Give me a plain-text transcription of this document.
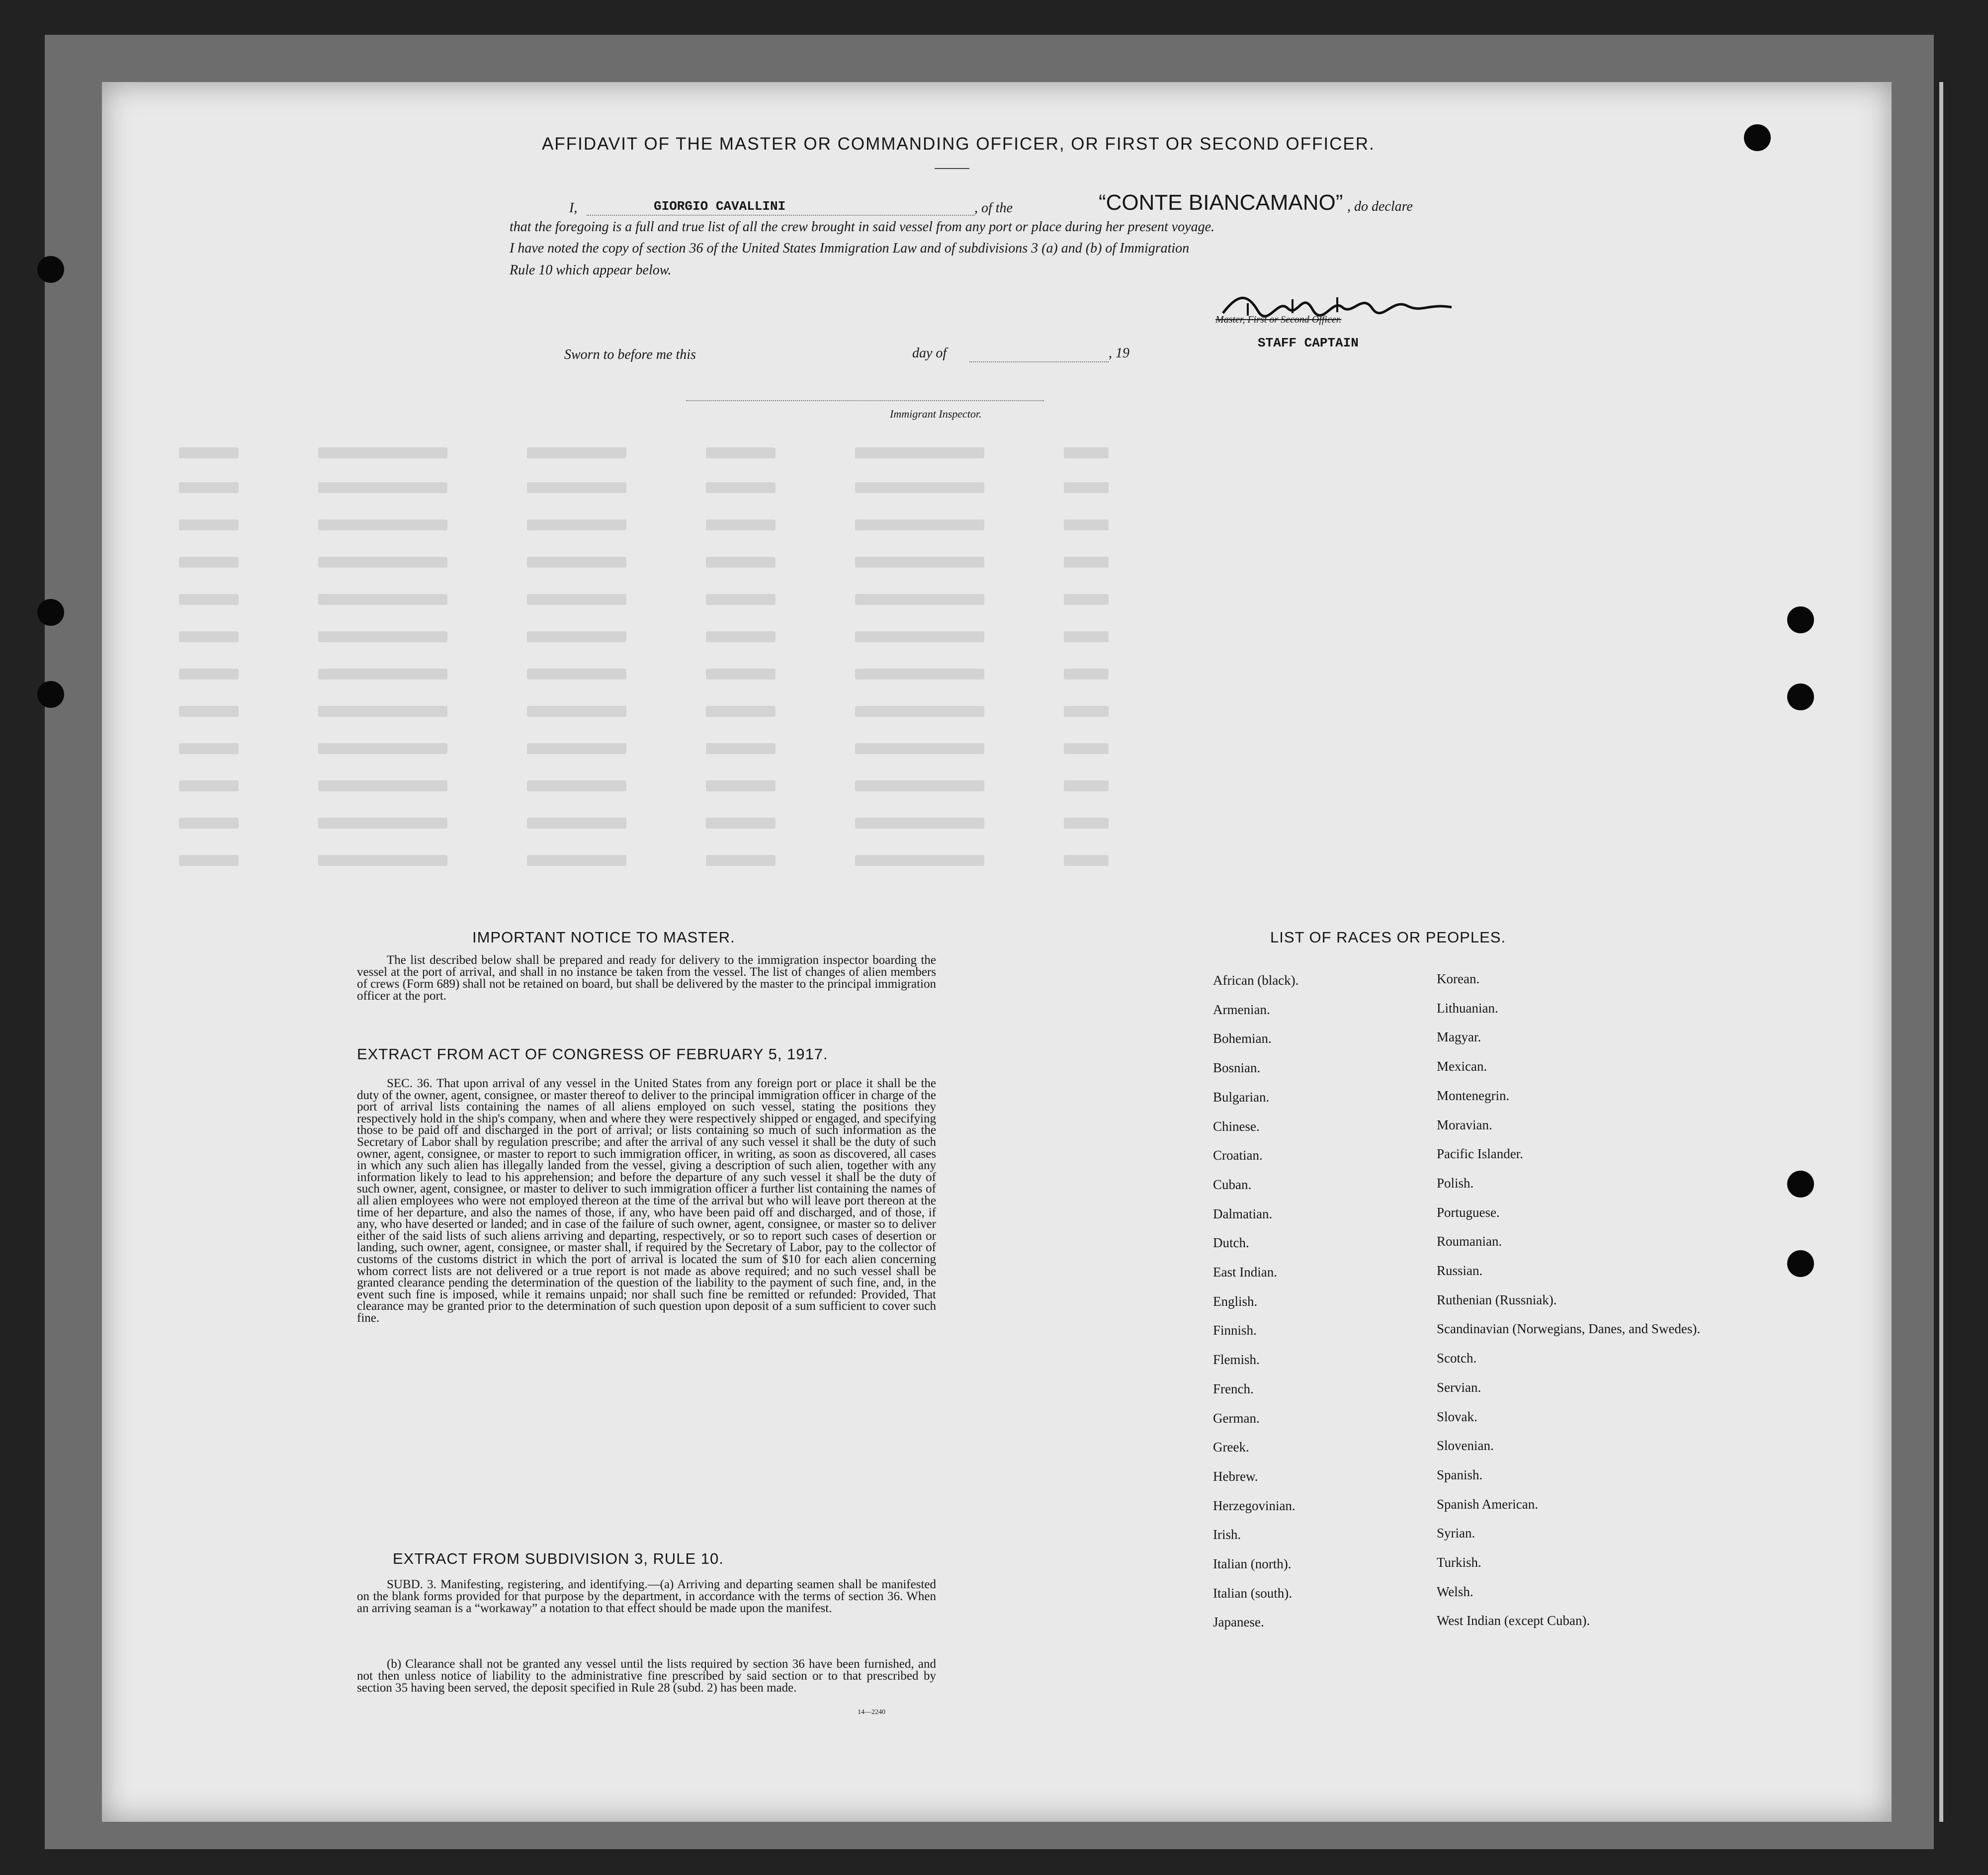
AFFIDAVIT OF THE MASTER OR COMMANDING OFFICER, OR FIRST OR SECOND OFFICER.
I,	GIORGIO CAVALLINI	, of the	“CONTE BIANCAMANO” , do declare
that the foregoing is a full and true list of all the crew brought in said vessel from any port or place during her present voyage.
I have noted the copy of section 36 of the United States Immigration Law and of subdivisions 3 (a) and (b) of Immigration
Rule 10 which appear below.
Master, First or Second Officer.
STAFF CAPTAIN
Sworn to before me this	day of	, 19
Immigrant Inspector.
IMPORTANT NOTICE TO MASTER.

The list described below shall be prepared and ready for delivery to the immigration inspector boarding the vessel at the port of arrival, and shall in no instance be taken from the vessel. The list of changes of alien members of crews (Form 689) shall not be retained on board, but shall be delivered by the master to the principal immigration officer at the port.

EXTRACT FROM ACT OF CONGRESS OF FEBRUARY 5, 1917.

SEC. 36. That upon arrival of any vessel in the United States from any foreign port or place it shall be the duty of the owner, agent, consignee, or master thereof to deliver to the principal immigration officer in charge of the port of arrival lists containing the names of all aliens employed on such vessel, stating the positions they respectively hold in the ship's company, when and where they were respectively shipped or engaged, and specifying those to be paid off and discharged in the port of arrival; or lists containing so much of such information as the Secretary of Labor shall by regulation prescribe; and after the arrival of any such vessel it shall be the duty of such owner, agent, consignee, or master to report to such immigration officer, in writing, as soon as discovered, all cases in which any such alien has illegally landed from the vessel, giving a description of such alien, together with any information likely to lead to his apprehension; and before the departure of any such vessel it shall be the duty of such owner, agent, consignee, or master to deliver to such immigration officer a further list containing the names of all alien employees who were not employed thereon at the time of the arrival but who will leave port thereon at the time of her departure, and also the names of those, if any, who have been paid off and discharged, and of those, if any, who have deserted or landed; and in case of the failure of such owner, agent, consignee, or master so to deliver either of the said lists of such aliens arriving and departing, respectively, or so to report such cases of desertion or landing, such owner, agent, consignee, or master shall, if required by the Secretary of Labor, pay to the collector of customs of the customs district in which the port of arrival is located the sum of $10 for each alien concerning whom correct lists are not delivered or a true report is not made as above required; and no such vessel shall be granted clearance pending the determination of the question of the liability to the payment of such fine, and, in the event such fine is imposed, while it remains unpaid; nor shall such fine be remitted or refunded: Provided, That clearance may be granted prior to the determination of such question upon deposit of a sum sufficient to cover such fine.

EXTRACT FROM SUBDIVISION 3, RULE 10.

SUBD. 3. Manifesting, registering, and identifying.—(a) Arriving and departing seamen shall be manifested on the blank forms provided for that purpose by the department, in accordance with the terms of section 36. When an arriving seaman is a “workaway” a notation to that effect should be made upon the manifest.

(b) Clearance shall not be granted any vessel until the lists required by section 36 have been furnished, and not then unless notice of liability to the administrative fine prescribed by said section or to that prescribed by section 35 having been served, the deposit specified in Rule 28 (subd. 2) has been made.

14—2240
LIST OF RACES OR PEOPLES.
African (black).
Armenian.
Bohemian.
Bosnian.
Bulgarian.
Chinese.
Croatian.
Cuban.
Dalmatian.
Dutch.
East Indian.
English.
Finnish.
Flemish.
French.
German.
Greek.
Hebrew.
Herzegovinian.
Irish.
Italian (north).
Italian (south).
Japanese.
Korean.
Lithuanian.
Magyar.
Mexican.
Montenegrin.
Moravian.
Pacific Islander.
Polish.
Portuguese.
Roumanian.
Russian.
Ruthenian (Russniak).
Scandinavian (Norwegians, Danes, and Swedes).
Scotch.
Servian.
Slovak.
Slovenian.
Spanish.
Spanish American.
Syrian.
Turkish.
Welsh.
West Indian (except Cuban).
